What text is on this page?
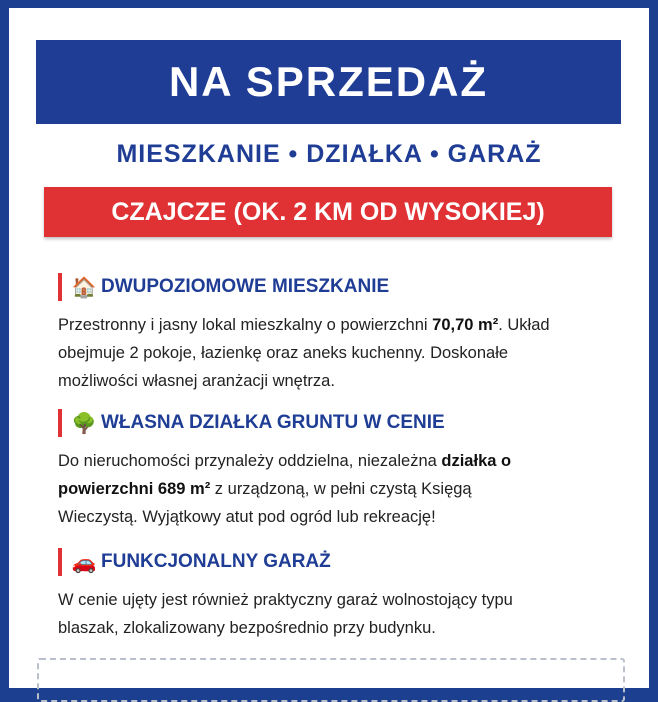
NA SPRZEDAŻ
MIESZKANIE • DZIAŁKA • GARAŻ
CZAJCZE (OK. 2 KM OD WYSOKIEJ)
🏠 DWUPOZIOMOWE MIESZKANIE
Przestronny i jasny lokal mieszkalny o powierzchni 70,70 m². Układ
obejmuje 2 pokoje, łazienkę oraz aneks kuchenny. Doskonałe
możliwości własnej aranżacji wnętrza.
🌳 WŁASNA DZIAŁKA GRUNTU W CENIE
Do nieruchomości przynależy oddzielna, niezależna działka o
powierzchni 689 m² z urządzoną, w pełni czystą Księgą
Wieczystą. Wyjątkowy atut pod ogród lub rekreację!
🚗 FUNKCJONALNY GARAŻ
W cenie ujęty jest również praktyczny garaż wolnostojący typu
blaszak, zlokalizowany bezpośrednio przy budynku.
